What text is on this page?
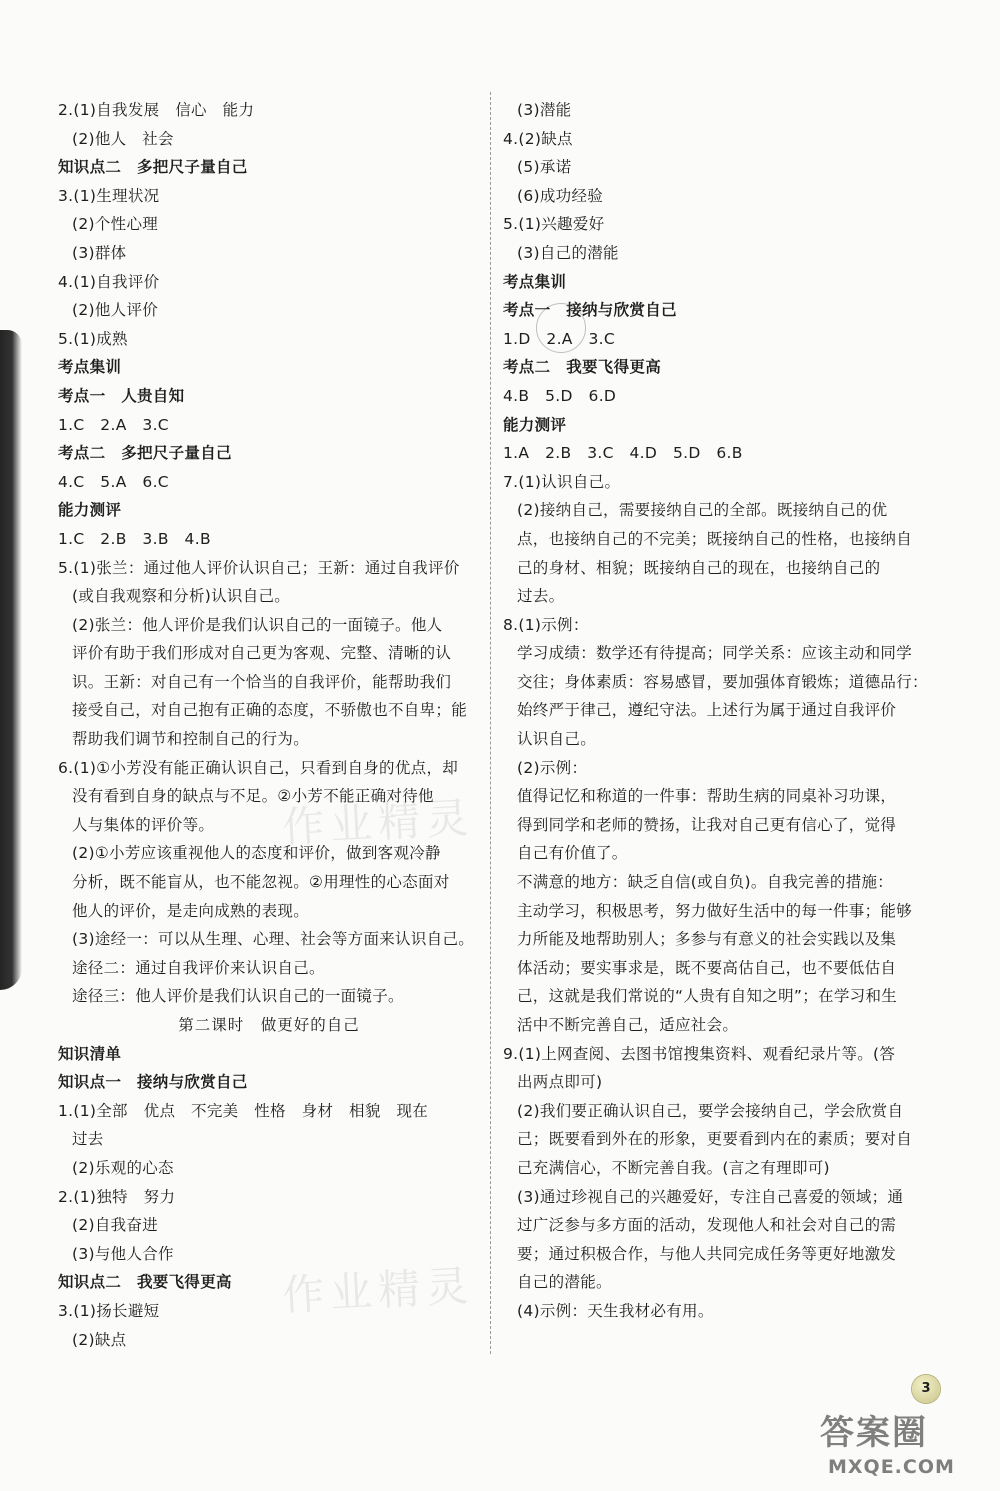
2.(1)自我发展　信心　能力
(2)他人　社会
知识点二　多把尺子量自己
3.(1)生理状况
(2)个性心理
(3)群体
4.(1)自我评价
(2)他人评价
5.(1)成熟
考点集训
考点一　人贵自知
1.C　2.A　3.C
考点二　多把尺子量自己
4.C　5.A　6.C
能力测评
1.C　2.B　3.B　4.B
5.(1)张兰：通过他人评价认识自己；王新：通过自我评价
(或自我观察和分析)认识自己。
(2)张兰：他人评价是我们认识自己的一面镜子。他人
评价有助于我们形成对自己更为客观、完整、清晰的认
识。王新：对自己有一个恰当的自我评价，能帮助我们
接受自己，对自己抱有正确的态度，不骄傲也不自卑；能
帮助我们调节和控制自己的行为。
6.(1)①小芳没有能正确认识自己，只看到自身的优点，却
没有看到自身的缺点与不足。②小芳不能正确对待他
人与集体的评价等。
(2)①小芳应该重视他人的态度和评价，做到客观冷静
分析，既不能盲从，也不能忽视。②用理性的心态面对
他人的评价，是走向成熟的表现。
(3)途经一：可以从生理、心理、社会等方面来认识自己。
途径二：通过自我评价来认识自己。
途径三：他人评价是我们认识自己的一面镜子。
第二课时　做更好的自己
知识清单
知识点一　接纳与欣赏自己
1.(1)全部　优点　不完美　性格　身材　相貌　现在
过去
(2)乐观的心态
2.(1)独特　努力
(2)自我奋进
(3)与他人合作
知识点二　我要飞得更高
3.(1)扬长避短
(2)缺点
(3)潜能
4.(2)缺点
(5)承诺
(6)成功经验
5.(1)兴趣爱好
(3)自己的潜能
考点集训
考点一　接纳与欣赏自己
1.D　2.A　3.C
考点二　我要飞得更高
4.B　5.D　6.D
能力测评
1.A　2.B　3.C　4.D　5.D　6.B
7.(1)认识自己。
(2)接纳自己，需要接纳自己的全部。既接纳自己的优
点，也接纳自己的不完美；既接纳自己的性格，也接纳自
己的身材、相貌；既接纳自己的现在，也接纳自己的
过去。
8.(1)示例：
学习成绩：数学还有待提高；同学关系：应该主动和同学
交往；身体素质：容易感冒，要加强体育锻炼；道德品行：
始终严于律己，遵纪守法。上述行为属于通过自我评价
认识自己。
(2)示例：
值得记忆和称道的一件事：帮助生病的同桌补习功课，
得到同学和老师的赞扬，让我对自己更有信心了，觉得
自己有价值了。
不满意的地方：缺乏自信(或自负)。自我完善的措施：
主动学习，积极思考，努力做好生活中的每一件事；能够
力所能及地帮助别人；多参与有意义的社会实践以及集
体活动；要实事求是，既不要高估自己，也不要低估自
己，这就是我们常说的“人贵有自知之明”；在学习和生
活中不断完善自己，适应社会。
9.(1)上网查阅、去图书馆搜集资料、观看纪录片等。(答
出两点即可)
(2)我们要正确认识自己，要学会接纳自己，学会欣赏自
己；既要看到外在的形象，更要看到内在的素质；要对自
己充满信心，不断完善自我。(言之有理即可)
(3)通过珍视自己的兴趣爱好，专注自己喜爱的领域；通
过广泛参与多方面的活动，发现他人和社会对自己的需
要；通过积极合作，与他人共同完成任务等更好地激发
自己的潜能。
(4)示例：天生我材必有用。
作业精灵
作业精灵
3
答案圈
MXQE.COM
